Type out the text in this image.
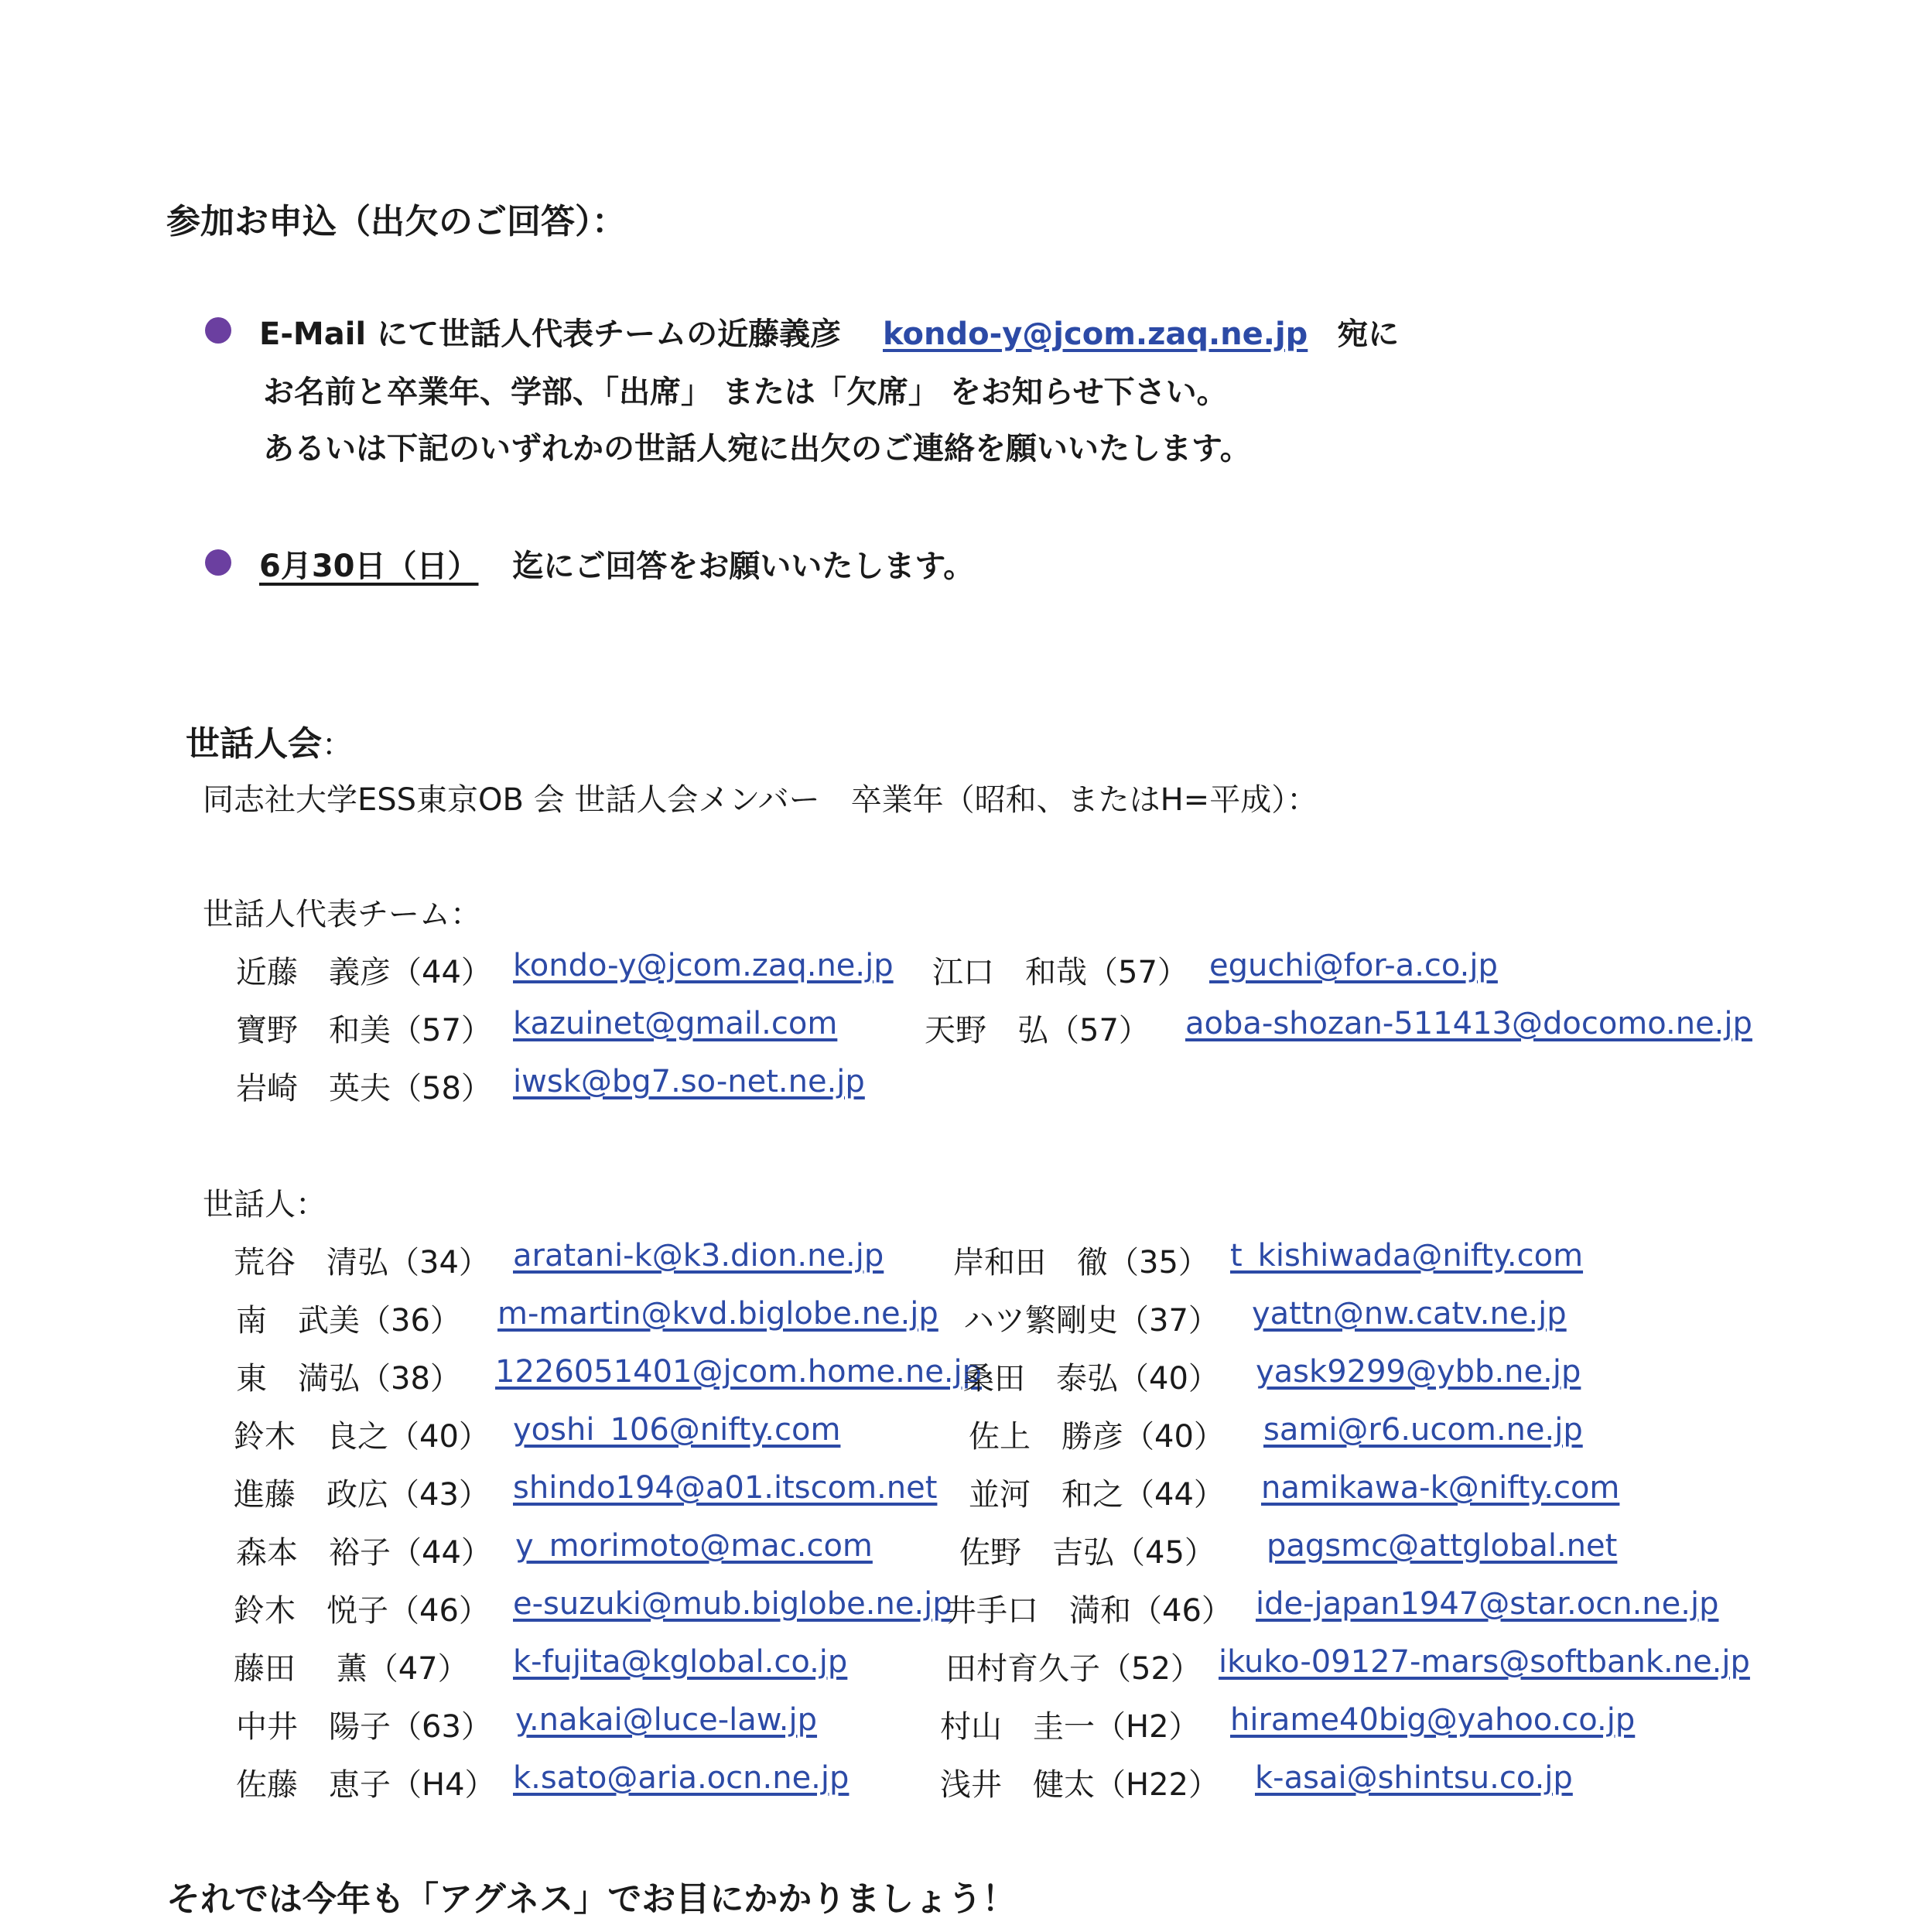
参加お申込（出欠のご回答）：
E-Mail にて世話人代表チームの近藤義彦 kondo-y@jcom.zaq.ne.jp 宛に
お名前と卒業年、学部、「出席」 または「欠席」 をお知らせ下さい。
あるいは下記のいずれかの世話人宛に出欠のご連絡を願いいたします。
6月30日（日） 迄にご回答をお願いいたします。
世話人会：
同志社大学ESS東京OB 会 世話人会メンバー　卒業年（昭和、またはH=平成）：
世話人代表チーム：
近藤　義彦（44） kondo-y@jcom.zaq.ne.jp 江口　和哉（57） eguchi@for-a.co.jp
寶野　和美（57） kazuinet@gmail.com	天野　弘（57） aoba-shozan-511413@docomo.ne.jp
岩崎　英夫（58） iwsk@bg7.so-net.ne.jp
世話人：
荒谷　清弘（34） aratani-k@k3.dion.ne.jp
南　武美（36） m-martin@kvd.biglobe.ne.jp
東　満弘（38） 1226051401@jcom.home.ne.jp
鈴木　良之（40） yoshi_106@nifty.com
進藤　政広（43） shindo194@a01.itscom.net
森本　裕子（44） y_morimoto@mac.com
鈴木　悦子（46） e-suzuki@mub.biglobe.ne.jp
藤田　 薫（47） k-fujita@kglobal.co.jp
中井　陽子（63） y.nakai@luce-law.jp
佐藤　恵子（H4） k.sato@aria.ocn.ne.jp
岸和田　徹（35） t_kishiwada@nifty.com
ハツ繁剛史（37） yattn@nw.catv.ne.jp
桑田　泰弘（40） yask9299@ybb.ne.jp
佐上　勝彦（40） sami@r6.ucom.ne.jp
並河　和之（44） namikawa-k@nifty.com
佐野　吉弘（45） pagsmc@attglobal.net
井手口　満和（46） ide-japan1947@star.ocn.ne.jp
田村育久子（52） ikuko-09127-mars@softbank.ne.jp
村山　圭一（H2） hirame40big@yahoo.co.jp
浅井　健太（H22） k-asai@shintsu.co.jp
それでは今年も「アグネス」でお目にかかりましょう！
